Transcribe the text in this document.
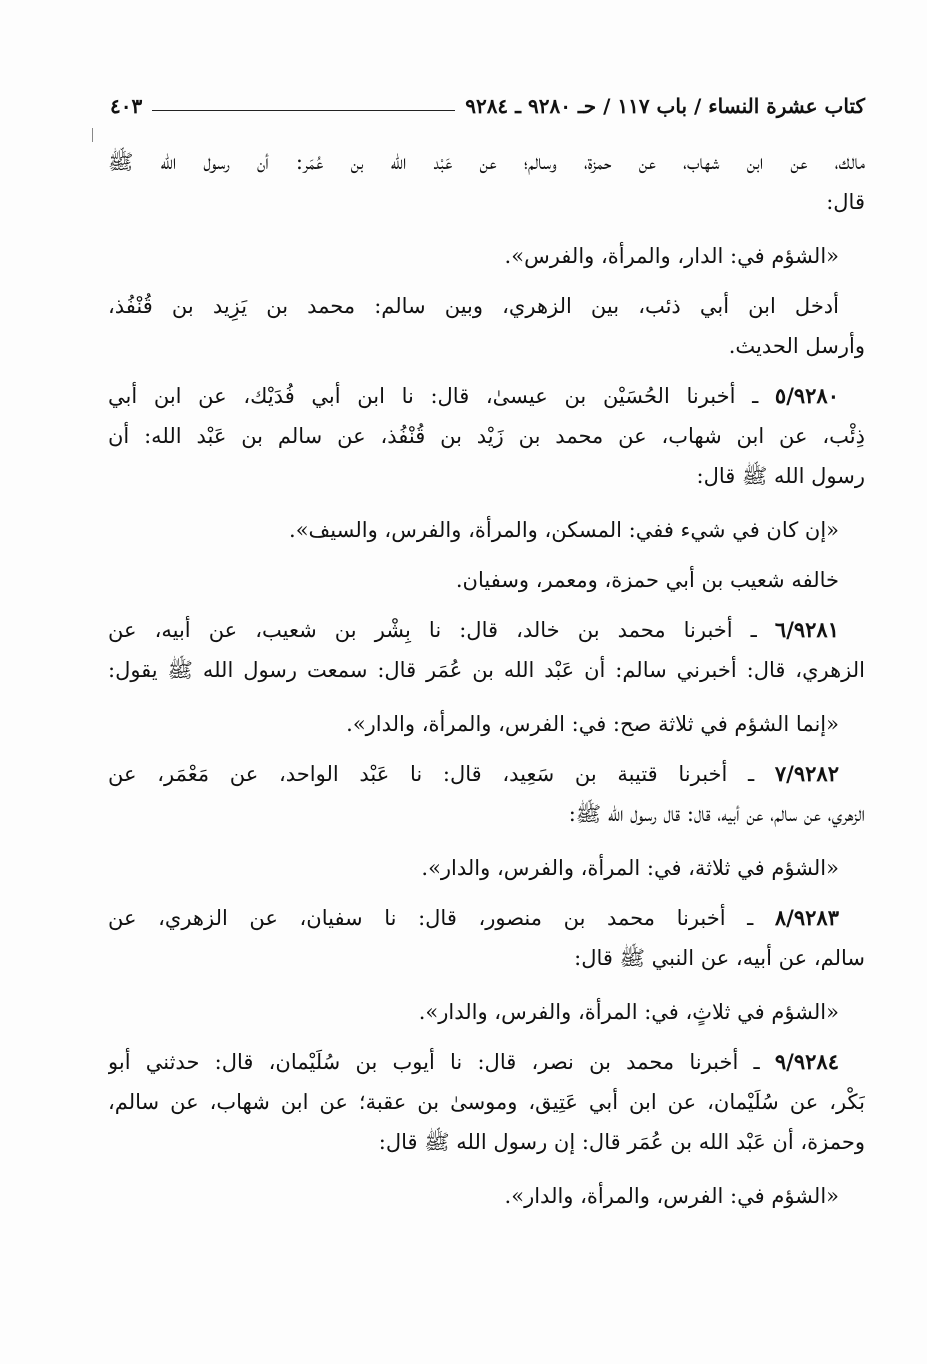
كتاب عشرة النساء / باب ١١٧ / حـ ٩٢٨٠ ـ ٩٢٨٤
٤٠٣
مالك، عن ابن شهاب، عن حمزة، وسالم؛ عن عَبْد الله بن عُمَر: أن رسول الله ﷺ
قال:
«الشؤم في: الدار، والمرأة، والفرس».
أدخل ابن أبي ذئب، بين الزهري، وبين سالم: محمد بن يَزِيد بن قُنْفُذ،
وأرسل الحديث.
٥/٩٢٨٠ ـ أخبرنا الحُسَيْن بن عيسىٰ، قال: نا ابن أبي فُدَيْك، عن ابن أبي
ذِئْب، عن ابن شهاب، عن محمد بن زَيْد بن قُنْفُذ، عن سالم بن عَبْد الله: أن
رسول الله ﷺ قال:
«إن كان في شيء ففي: المسكن، والمرأة، والفرس، والسيف».
خالفه شعيب بن أبي حمزة، ومعمر، وسفيان.
٦/٩٢٨١ ـ أخبرنا محمد بن خالد، قال: نا بِشْر بن شعيب، عن أبيه، عن
الزهري، قال: أخبرني سالم: أن عَبْد الله بن عُمَر قال: سمعت رسول الله ﷺ يقول:
«إنما الشؤم في ثلاثة صح: في: الفرس، والمرأة، والدار».
٧/٩٢٨٢ ـ أخبرنا قتيبة بن سَعِيد، قال: نا عَبْد الواحد، عن مَعْمَر، عن
الزهري، عن سالم، عن أبيه، قال: قال رسول الله ﷺ:
«الشؤم في ثلاثة، في: المرأة، والفرس، والدار».
٨/٩٢٨٣ ـ أخبرنا محمد بن منصور، قال: نا سفيان، عن الزهري، عن
سالم، عن أبيه، عن النبي ﷺ قال:
«الشؤم في ثلاثٍ، في: المرأة، والفرس، والدار».
٩/٩٢٨٤ ـ أخبرنا محمد بن نصر، قال: نا أيوب بن سُلَيْمان، قال: حدثني أبو
بَكْر، عن سُلَيْمان، عن ابن أبي عَتِيق، وموسىٰ بن عقبة؛ عن ابن شهاب، عن سالم،
وحمزة، أن عَبْد الله بن عُمَر قال: إن رسول الله ﷺ قال:
«الشؤم في: الفرس، والمرأة، والدار».
